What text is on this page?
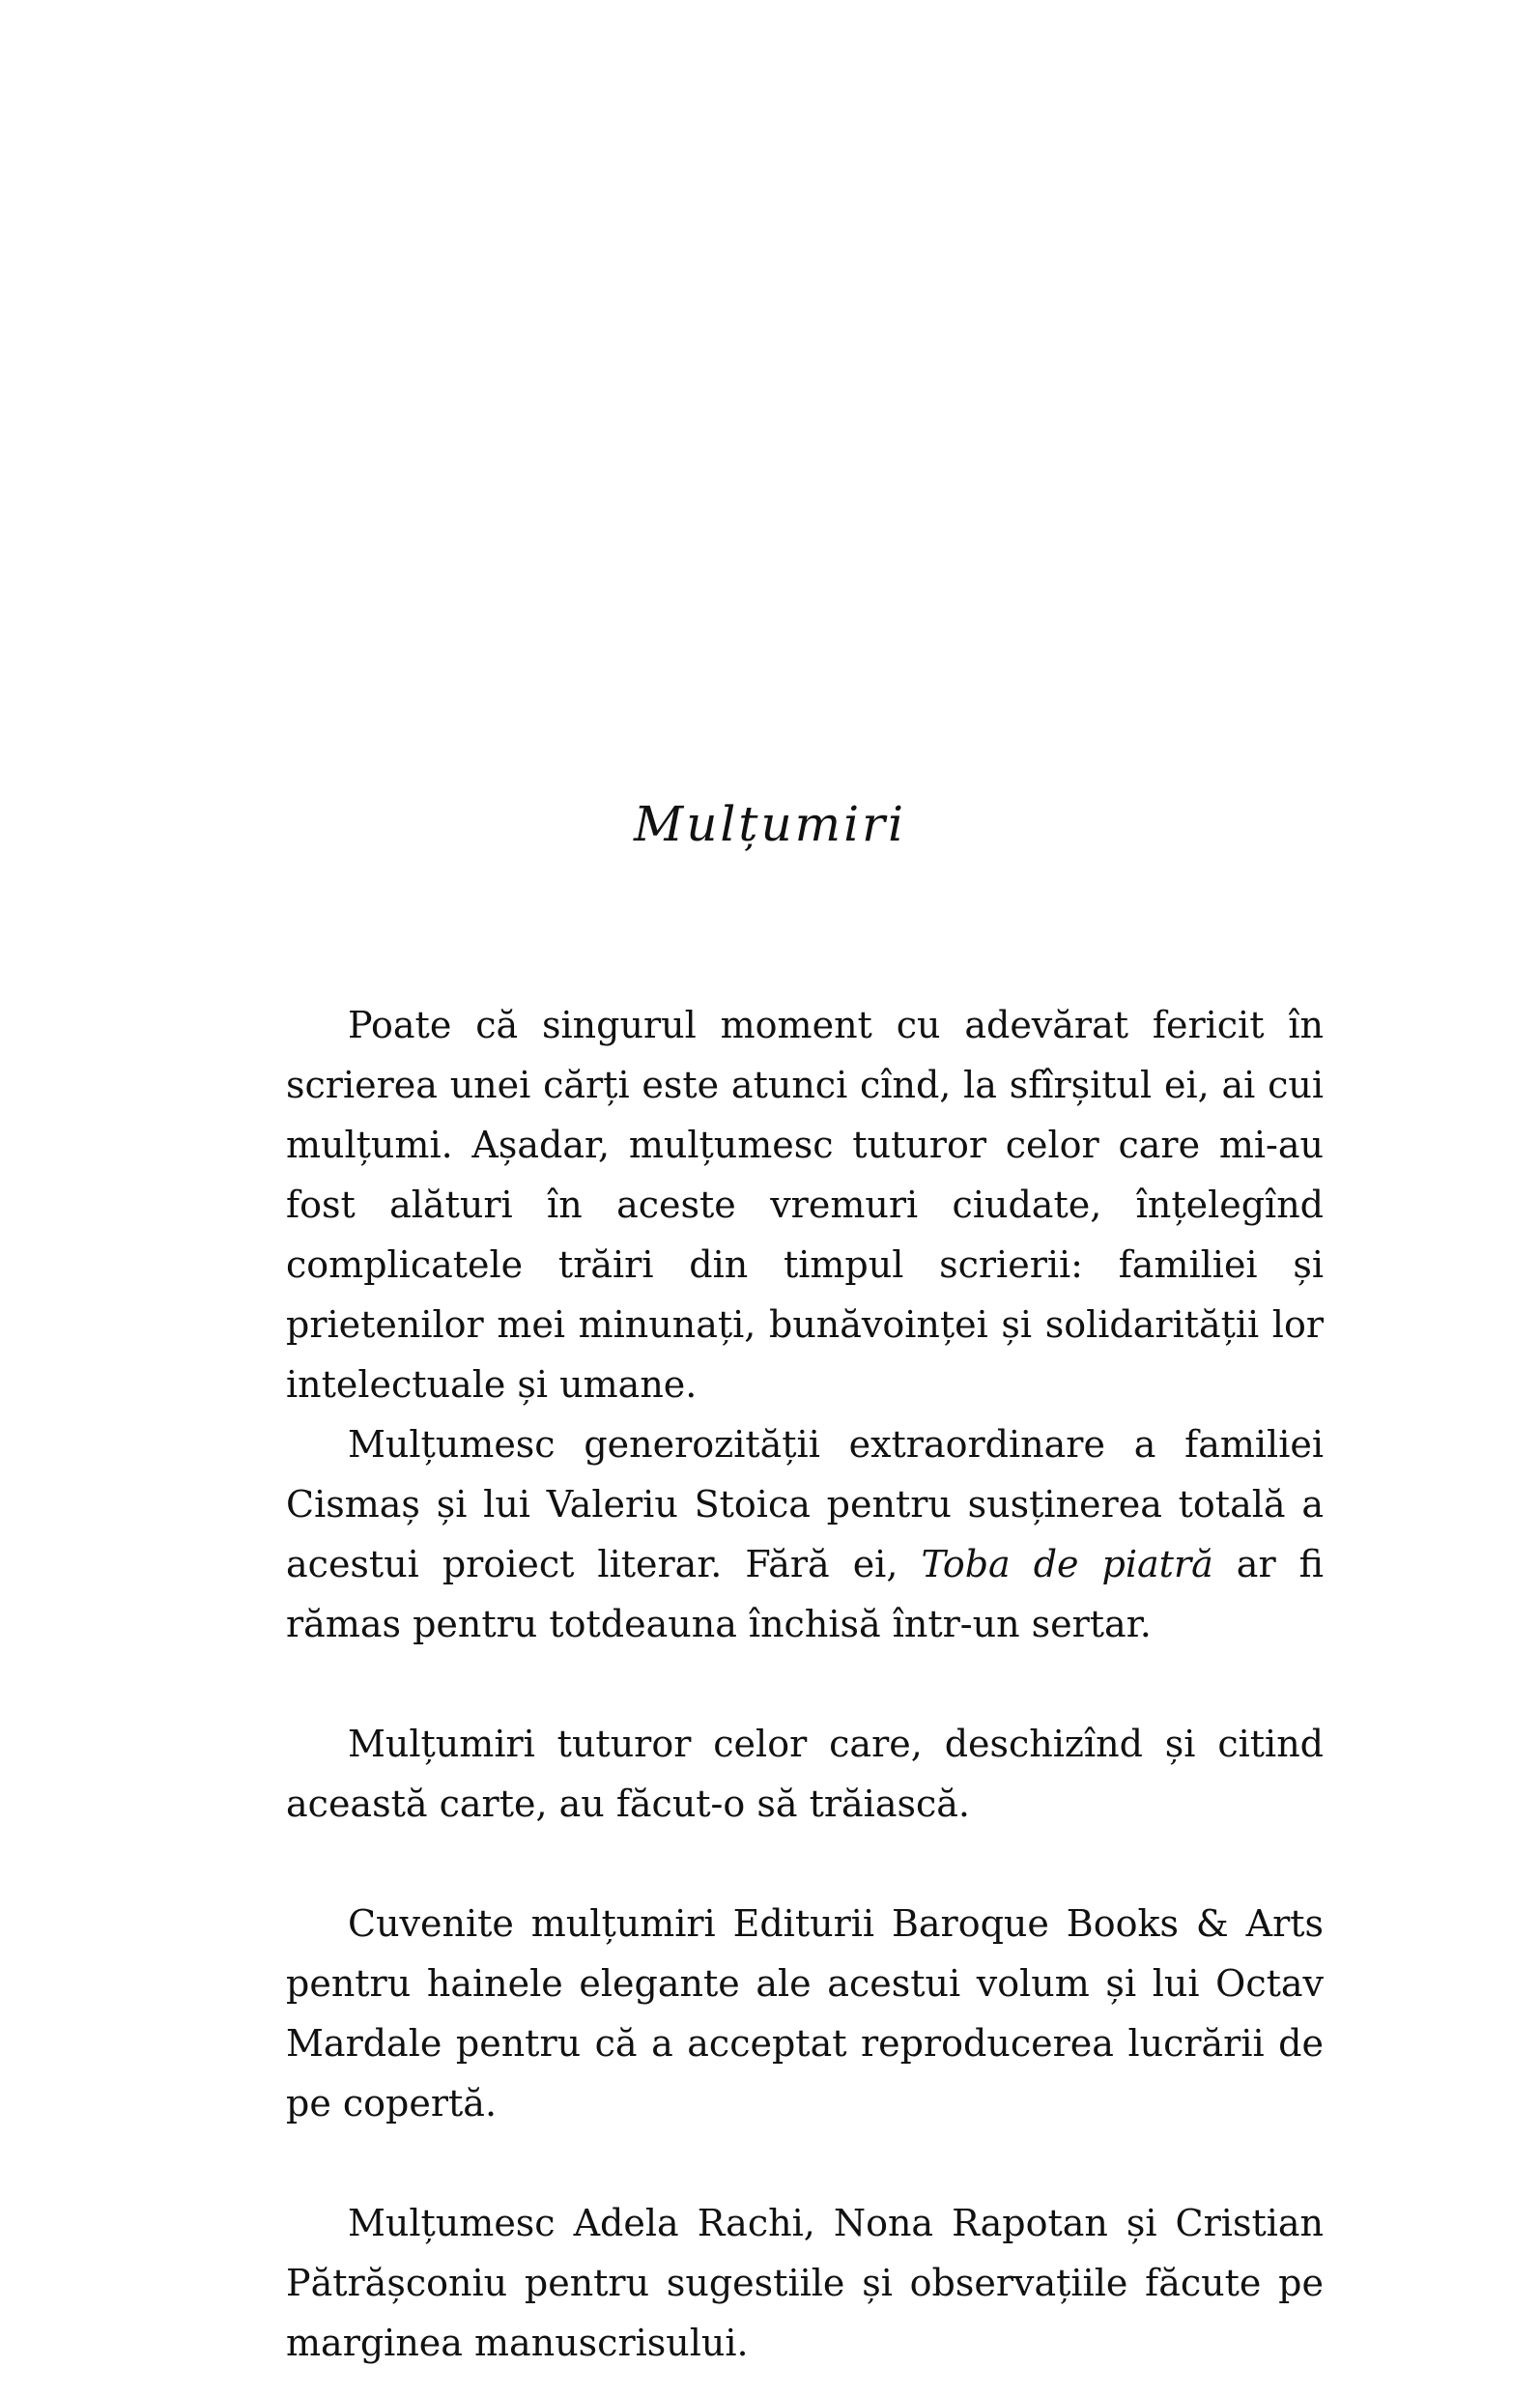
Mulțumiri

Poate că singurul moment cu adevărat fericit în scrierea unei cărți este atunci cînd, la sfîrșitul ei, ai cui mulțumi. Așadar, mulțumesc tuturor celor care mi-au fost alături în aceste vremuri ciudate, înțelegînd complicatele trăiri din timpul scrierii: familiei și prietenilor mei minunați, bunăvoinței și solidarității lor intelectuale și umane.

Mulțumesc generozității extraordinare a familiei Cismaș și lui Valeriu Stoica pentru susținerea totală a acestui proiect literar. Fără ei, Toba de piatră ar fi rămas pentru totdeauna închisă într-un sertar.

Mulțumiri tuturor celor care, deschizînd și citind această carte, au făcut-o să trăiască.

Cuvenite mulțumiri Editurii Baroque Books & Arts pentru hainele elegante ale acestui volum și lui Octav Mardale pentru că a acceptat reproducerea lucrării de pe copertă.

Mulțumesc Adela Rachi, Nona Rapotan și Cristian Pătrășconiu pentru sugestiile și observațiile făcute pe marginea manuscrisului.
